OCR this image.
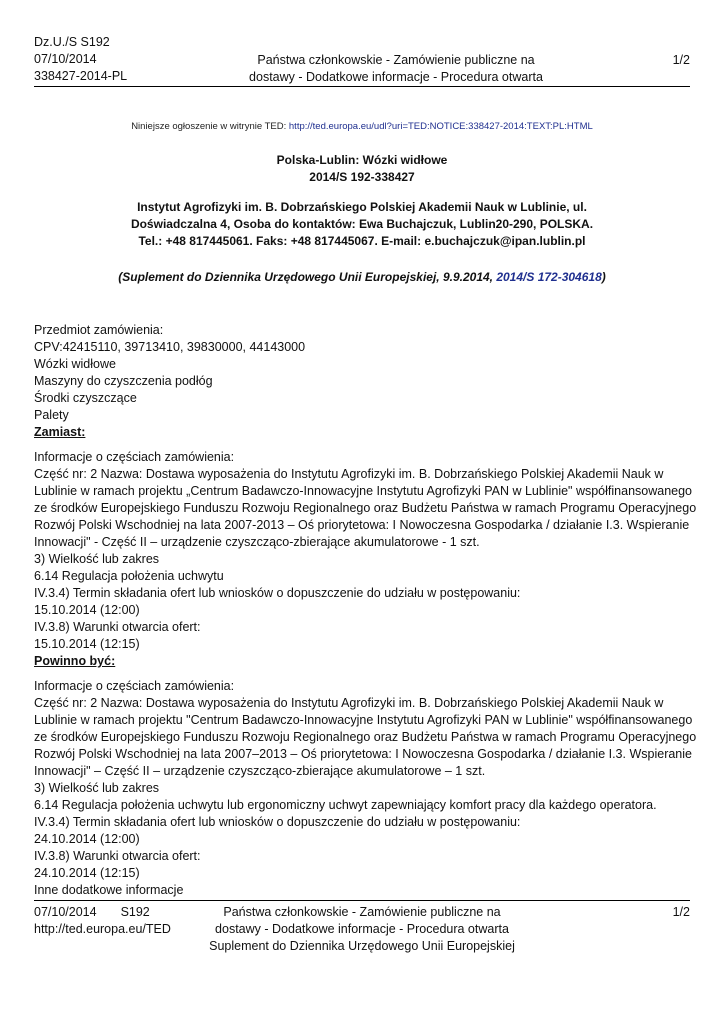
Dz.U./S S192
07/10/2014
338427-2014-PL
Państwa członkowskie - Zamówienie publiczne na
dostawy - Dodatkowe informacje - Procedura otwarta
1/2
Niniejsze ogłoszenie w witrynie TED: http://ted.europa.eu/udl?uri=TED:NOTICE:338427-2014:TEXT:PL:HTML
Polska-Lublin: Wózki widłowe
2014/S 192-338427
Instytut Agrofizyki im. B. Dobrzańskiego Polskiej Akademii Nauk w Lublinie, ul.
Doświadczalna 4, Osoba do kontaktów: Ewa Buchajczuk, Lublin20-290, POLSKA.
Tel.: +48 817445061. Faks: +48 817445067. E-mail: e.buchajczuk@ipan.lublin.pl
(Suplement do Dziennika Urzędowego Unii Europejskiej, 9.9.2014, 2014/S 172-304618)
Przedmiot zamówienia:
CPV:42415110, 39713410, 39830000, 44143000
Wózki widłowe
Maszyny do czyszczenia podłóg
Środki czyszczące
Palety
Zamiast:
Informacje o częściach zamówienia:
Część nr: 2 Nazwa: Dostawa wyposażenia do Instytutu Agrofizyki im. B. Dobrzańskiego Polskiej Akademii Nauk w
Lublinie w ramach projektu „Centrum Badawczo-Innowacyjne Instytutu Agrofizyki PAN w Lublinie" współfinansowanego
ze środków Europejskiego Funduszu Rozwoju Regionalnego oraz Budżetu Państwa w ramach Programu Operacyjnego
Rozwój Polski Wschodniej na lata 2007-2013 – Oś priorytetowa: I Nowoczesna Gospodarka / działanie I.3. Wspieranie
Innowacji" - Część II – urządzenie czyszcząco-zbierające akumulatorowe - 1 szt.
3) Wielkość lub zakres
6.14 Regulacja położenia uchwytu
IV.3.4) Termin składania ofert lub wniosków o dopuszczenie do udziału w postępowaniu:
15.10.2014 (12:00)
IV.3.8) Warunki otwarcia ofert:
15.10.2014 (12:15)
Powinno być:
Informacje o częściach zamówienia:
Część nr: 2 Nazwa: Dostawa wyposażenia do Instytutu Agrofizyki im. B. Dobrzańskiego Polskiej Akademii Nauk w
Lublinie w ramach projektu "Centrum Badawczo-Innowacyjne Instytutu Agrofizyki PAN w Lublinie" współfinansowanego
ze środków Europejskiego Funduszu Rozwoju Regionalnego oraz Budżetu Państwa w ramach Programu Operacyjnego
Rozwój Polski Wschodniej na lata 2007–2013 – Oś priorytetowa: I Nowoczesna Gospodarka / działanie I.3. Wspieranie
Innowacji" – Część II – urządzenie czyszcząco-zbierające akumulatorowe – 1 szt.
3) Wielkość lub zakres
6.14 Regulacja położenia uchwytu lub ergonomiczny uchwyt zapewniający komfort pracy dla każdego operatora.
IV.3.4) Termin składania ofert lub wniosków o dopuszczenie do udziału w postępowaniu:
24.10.2014 (12:00)
IV.3.8) Warunki otwarcia ofert:
24.10.2014 (12:15)
Inne dodatkowe informacje
07/10/2014 S192
http://ted.europa.eu/TED
Państwa członkowskie - Zamówienie publiczne na
dostawy - Dodatkowe informacje - Procedura otwarta
Suplement do Dziennika Urzędowego Unii Europejskiej
1/2
